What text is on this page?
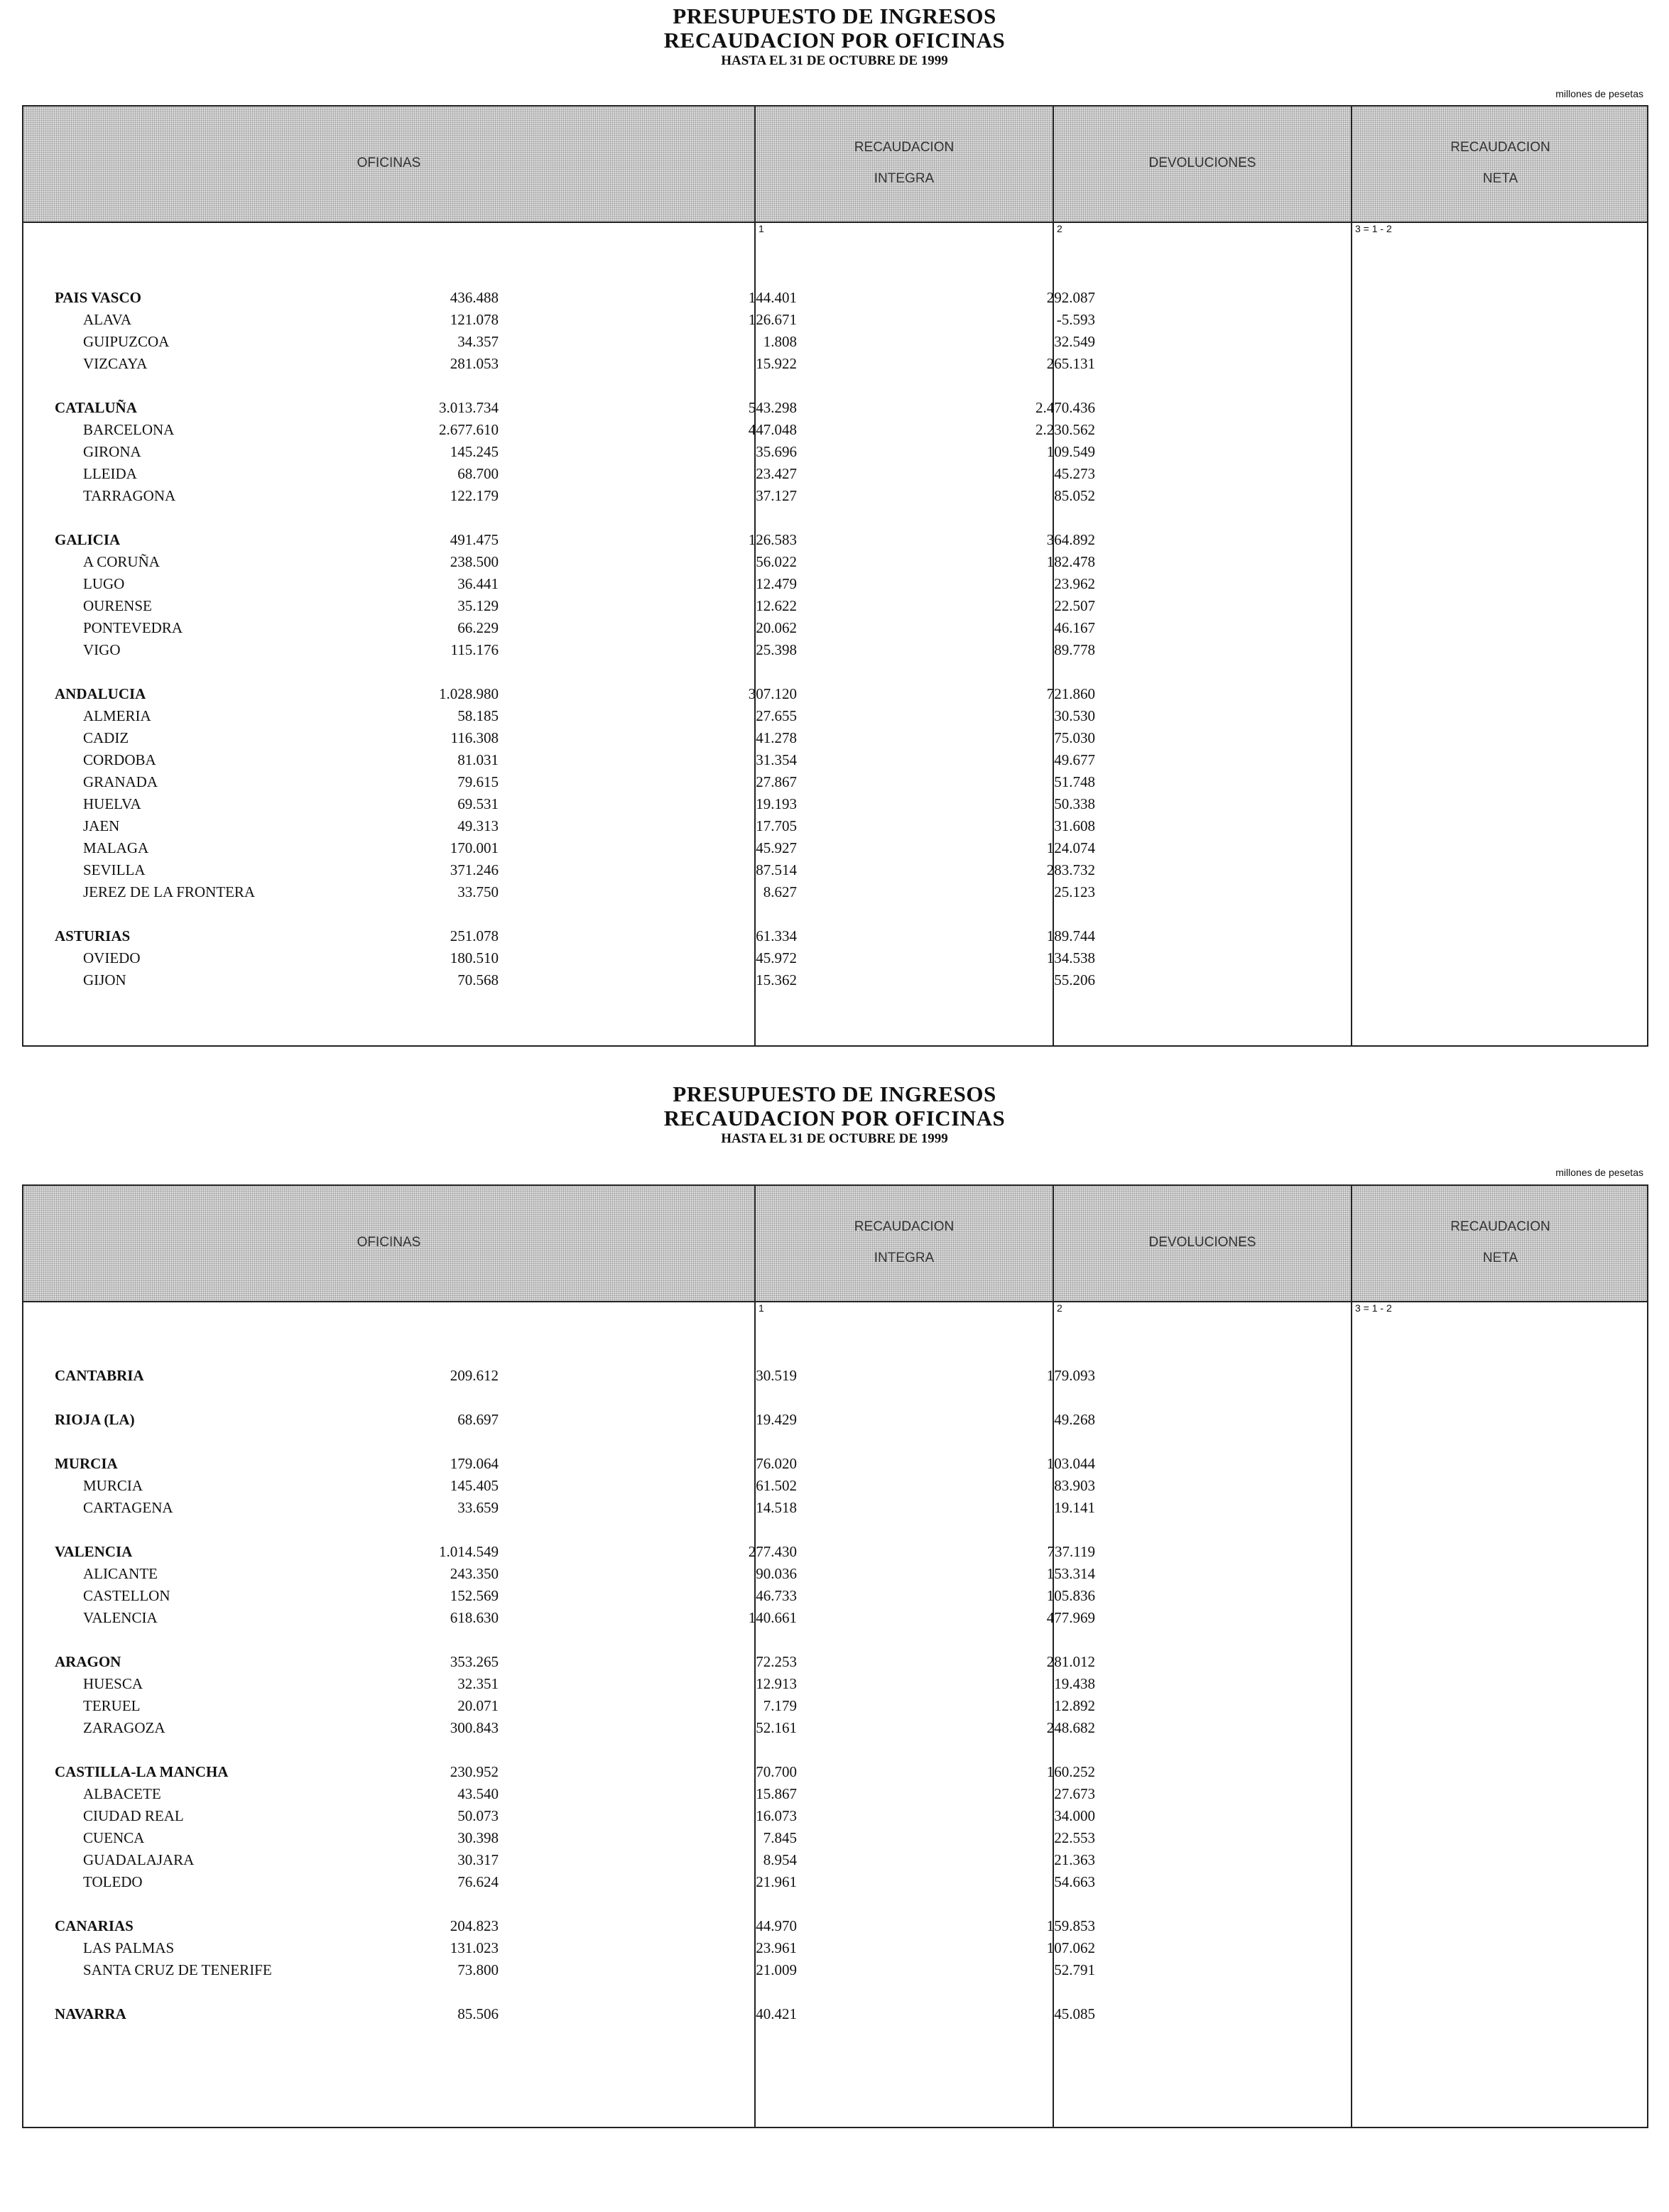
PRESUPUESTO DE INGRESOS
RECAUDACION POR OFICINAS
HASTA EL 31 DE OCTUBRE DE 1999
millones de pesetas
OFICINAS
RECAUDACION
INTEGRA
DEVOLUCIONES
RECAUDACION
NETA
1	2	3 = 1 - 2
PAIS VASCO	436.488	144.401	292.087
ALAVA	121.078	126.671	-5.593
GUIPUZCOA	34.357	1.808	32.549
VIZCAYA	281.053	15.922	265.131
CATALUÑA	3.013.734	543.298	2.470.436
BARCELONA	2.677.610	447.048	2.230.562
GIRONA	145.245	35.696	109.549
LLEIDA	68.700	23.427	45.273
TARRAGONA	122.179	37.127	85.052
GALICIA	491.475	126.583	364.892
A CORUÑA	238.500	56.022	182.478
LUGO	36.441	12.479	23.962
OURENSE	35.129	12.622	22.507
PONTEVEDRA	66.229	20.062	46.167
VIGO	115.176	25.398	89.778
ANDALUCIA	1.028.980	307.120	721.860
ALMERIA	58.185	27.655	30.530
CADIZ	116.308	41.278	75.030
CORDOBA	81.031	31.354	49.677
GRANADA	79.615	27.867	51.748
HUELVA	69.531	19.193	50.338
JAEN	49.313	17.705	31.608
MALAGA	170.001	45.927	124.074
SEVILLA	371.246	87.514	283.732
JEREZ DE LA FRONTERA	33.750	8.627	25.123
ASTURIAS	251.078	61.334	189.744
OVIEDO	180.510	45.972	134.538
GIJON	70.568	15.362	55.206
PRESUPUESTO DE INGRESOS
RECAUDACION POR OFICINAS
HASTA EL 31 DE OCTUBRE DE 1999
millones de pesetas
OFICINAS
RECAUDACION
INTEGRA
DEVOLUCIONES
RECAUDACION
NETA
1	2	3 = 1 - 2
CANTABRIA	209.612	30.519	179.093
RIOJA (LA)	68.697	19.429	49.268
MURCIA	179.064	76.020	103.044
MURCIA	145.405	61.502	83.903
CARTAGENA	33.659	14.518	19.141
VALENCIA	1.014.549	277.430	737.119
ALICANTE	243.350	90.036	153.314
CASTELLON	152.569	46.733	105.836
VALENCIA	618.630	140.661	477.969
ARAGON	353.265	72.253	281.012
HUESCA	32.351	12.913	19.438
TERUEL	20.071	7.179	12.892
ZARAGOZA	300.843	52.161	248.682
CASTILLA-LA MANCHA	230.952	70.700	160.252
ALBACETE	43.540	15.867	27.673
CIUDAD REAL	50.073	16.073	34.000
CUENCA	30.398	7.845	22.553
GUADALAJARA	30.317	8.954	21.363
TOLEDO	76.624	21.961	54.663
CANARIAS	204.823	44.970	159.853
LAS PALMAS	131.023	23.961	107.062
SANTA CRUZ DE TENERIFE	73.800	21.009	52.791
NAVARRA	85.506	40.421	45.085
